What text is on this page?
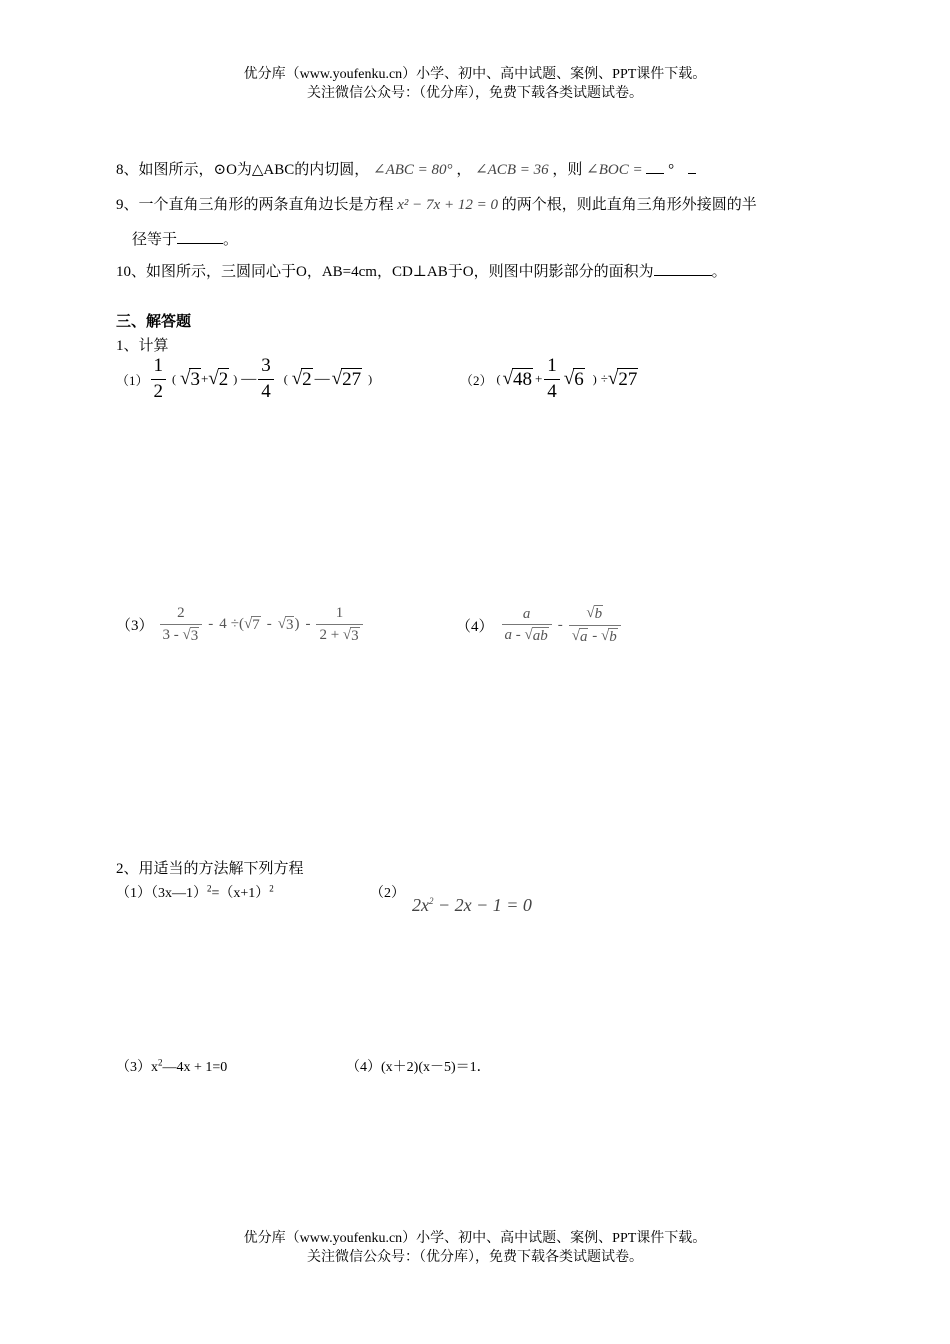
优分库（www.youfenku.cn）小学、初中、高中试题、案例、PPT课件下载。
关注微信公众号：（优分库），免费下载各类试题试卷。
8、如图所示，⊙O为△ABC的内切圆， ∠ABC = 80° ， ∠ACB = 36 ，则 ∠BOC = °
9、一个直角三角形的两条直角边长是方程 x² − 7x + 12 = 0 的两个根，则此直角三角形外接圆的半
径等于	。
10、如图所示，三圆同心于O，AB=4cm，CD⊥AB于O，则图中阴影部分的面积为	。
三、解答题
1、计算
$(1) \frac{1}{2}$ ( √ 3 + √ 2 ) — $\frac{3}{4}$ ( √ 2 — √ 27 )	（2） ( √ $48 + \frac{1}{4}$ √ 6 ) ÷ √ 27
$(3) \frac{2}{3 - √ 3} - 4$ ÷( √ 7 - √ 3 ) - $\frac{1}{2 + √ 3}$	$(4) \frac{a}{a - √ ab} - \frac{√ b}{√ a - √ b}$
2、用适当的方法解下列方程
$(1)(3x—1)^2=(x+1)^2$	（2）
$2x^2 - 2x - 1 = 0$
$(3)x^2—4x + 1=0$	（4）(x＋2)(x－5)＝1．
优分库（www.youfenku.cn）小学、初中、高中试题、案例、PPT课件下载。
关注微信公众号：（优分库），免费下载各类试题试卷。
